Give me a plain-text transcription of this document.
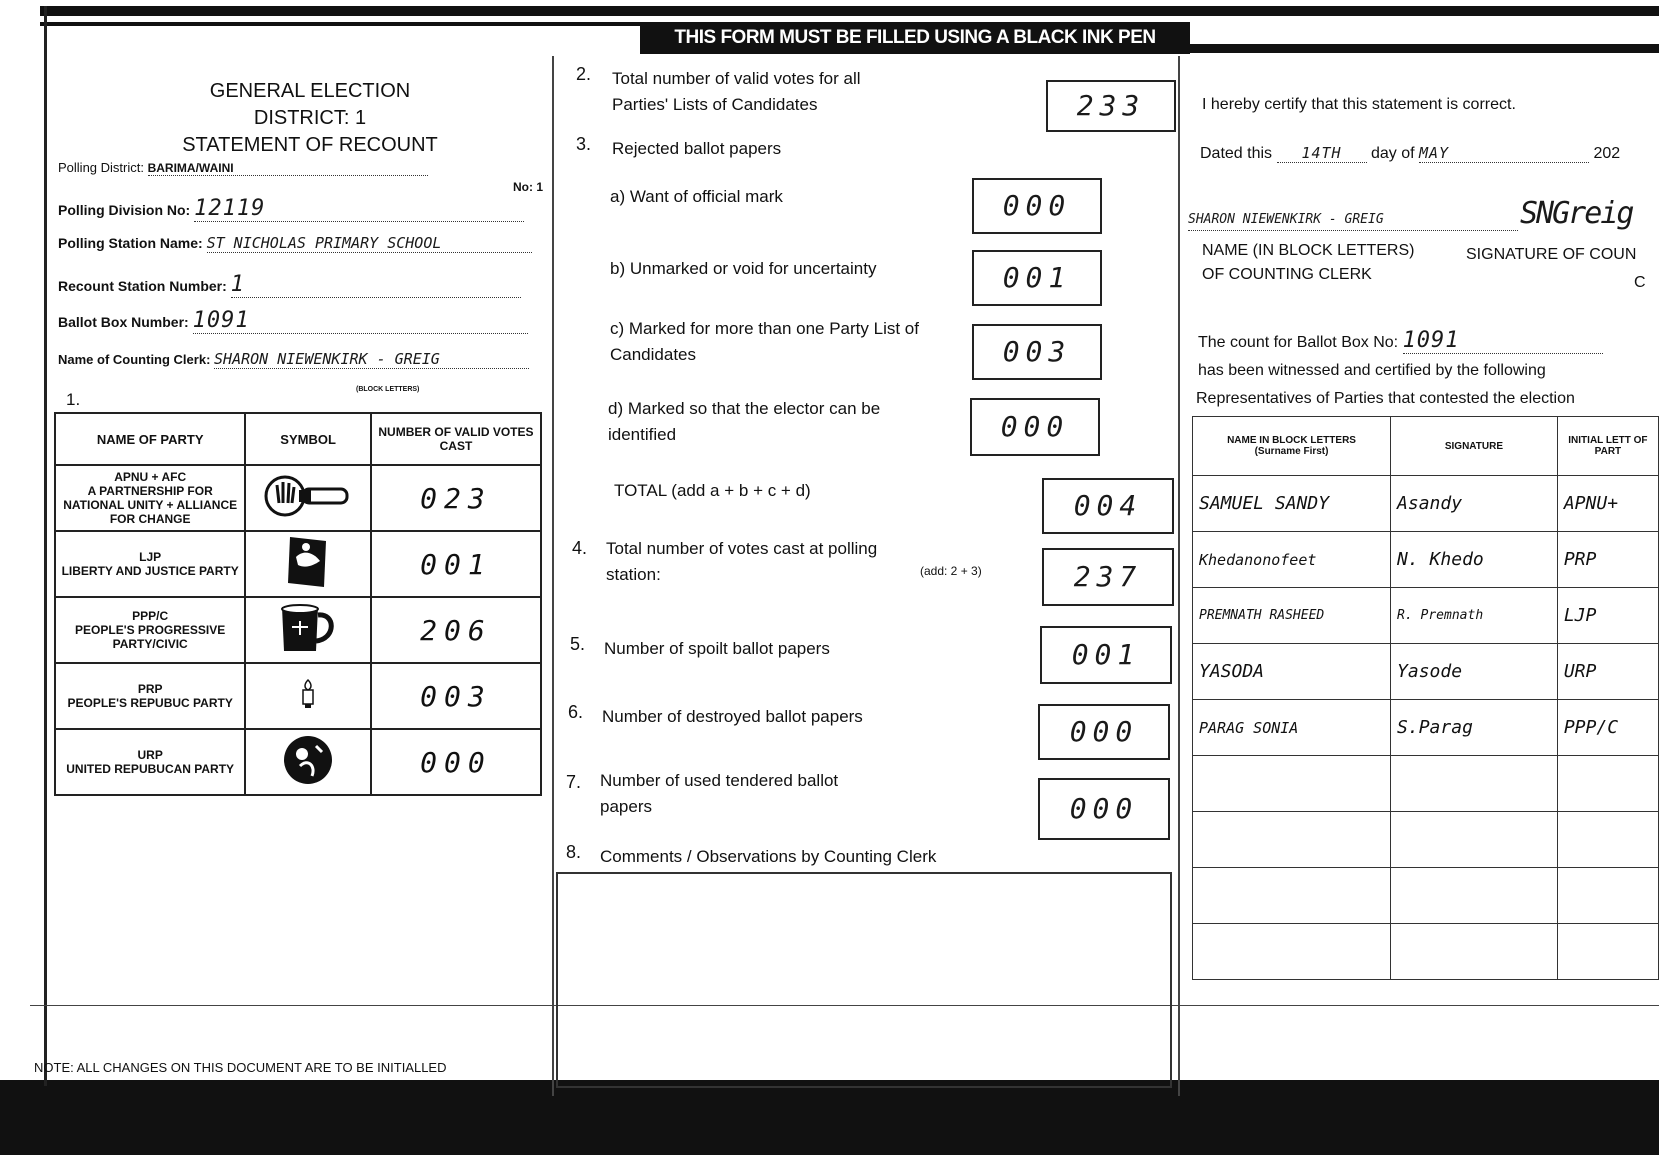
THIS FORM MUST BE FILLED USING A BLACK INK PEN
GENERAL ELECTION
DISTRICT: 1
STATEMENT OF RECOUNT
Polling District: BARIMA/WAINI
No: 1
Polling Division No: 12119
Polling Station Name: ST NICHOLAS PRIMARY SCHOOL
Recount Station Number: 1
Ballot Box Number: 1091
Name of Counting Clerk: SHARON NIEWENKIRK - GREIG
(BLOCK LETTERS)
1.
NAME OF PARTY	SYMBOL	NUMBER OF VALID VOTES CAST

APNU + AFC
A PARTNERSHIP FOR NATIONAL UNITY + ALLIANCE FOR CHANGE		023

LJP
LIBERTY AND JUSTICE PARTY		001

PPP/C
PEOPLE'S PROGRESSIVE PARTY/CIVIC		206

PRP
PEOPLE'S REPUBUC PARTY		003

URP
UNITED REPUBUCAN PARTY		000
NOTE: ALL CHANGES ON THIS DOCUMENT ARE TO BE INITIALLED
2. Total number of valid votes for all Parties' Lists of Candidates	233
3. Rejected ballot papers
a) Want of official mark	000
b) Unmarked or void for uncertainty	001
c) Marked for more than one Party List of Candidates	003
d) Marked so that the elector can be identified	000
TOTAL (add a + b + c + d)	004
4. Total number of votes cast at polling station:	(add: 2 + 3)	237
5. Number of spoilt ballot papers	001
6. Number of destroyed ballot papers	000
7. Number of used tendered ballot papers	000
8. Comments / Observations by Counting Clerk
I hereby certify that this statement is correct.
Dated this 14TH day of MAY	202
SHARON NIEWENKIRK - GREIG	SNGreig
NAME (IN BLOCK LETTERS)
OF COUNTING CLERK
SIGNATURE OF COUN
C
The count for Ballot Box No: 1091
has been witnessed and certified by the following
Representatives of Parties that contested the election
NAME IN BLOCK LETTERS (Surname First)	SIGNATURE	INITIAL LETT OF PART
SAMUEL SANDY	Asandy	APNU+
Khedanonofeet	N. Khedo	PRP
PREMNATH RASHEED	R. Premnath	LJP
YASODA	Yasode	URP
PARAG SONIA	S.Parag	PPP/C
